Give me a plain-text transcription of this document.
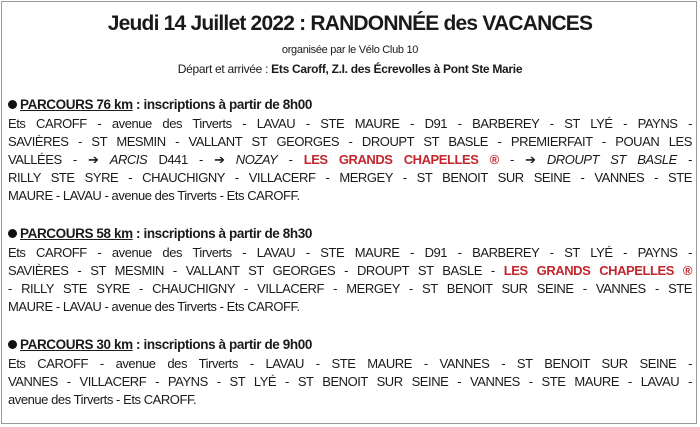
Jeudi 14 Juillet 2022 : RANDONNÉE des VACANCES
organisée par le Vélo Club 10
Départ et arrivée : Ets Caroff, Z.I. des Écrevolles à Pont Ste Marie
PARCOURS 76 km : inscriptions à partir de 8h00
Ets CAROFF - avenue des Tirverts - LAVAU - STE MAURE - D91 - BARBEREY - ST LYÉ - PAYNS -
SAVIÈRES - ST MESMIN - VALLANT ST GEORGES - DROUPT ST BASLE - PREMIERFAIT - POUAN LES
VALLÉES - ➔ ARCIS D441 - ➔ NOZAY - LES GRANDS CHAPELLES ® - ➔ DROUPT ST BASLE -
RILLY STE SYRE - CHAUCHIGNY - VILLACERF - MERGEY - ST BENOIT SUR SEINE - VANNES - STE
MAURE - LAVAU - avenue des Tirverts - Ets CAROFF.
PARCOURS 58 km : inscriptions à partir de 8h30
Ets CAROFF - avenue des Tirverts - LAVAU - STE MAURE - D91 - BARBEREY - ST LYÉ - PAYNS -
SAVIÈRES - ST MESMIN - VALLANT ST GEORGES - DROUPT ST BASLE - LES GRANDS CHAPELLES ®
- RILLY STE SYRE - CHAUCHIGNY - VILLACERF - MERGEY - ST BENOIT SUR SEINE - VANNES - STE
MAURE - LAVAU - avenue des Tirverts - Ets CAROFF.
PARCOURS 30 km : inscriptions à partir de 9h00
Ets CAROFF - avenue des Tirverts - LAVAU - STE MAURE - VANNES - ST BENOIT SUR SEINE -
VANNES - VILLACERF - PAYNS - ST LYÉ - ST BENOIT SUR SEINE - VANNES - STE MAURE - LAVAU -
avenue des Tirverts - Ets CAROFF.
